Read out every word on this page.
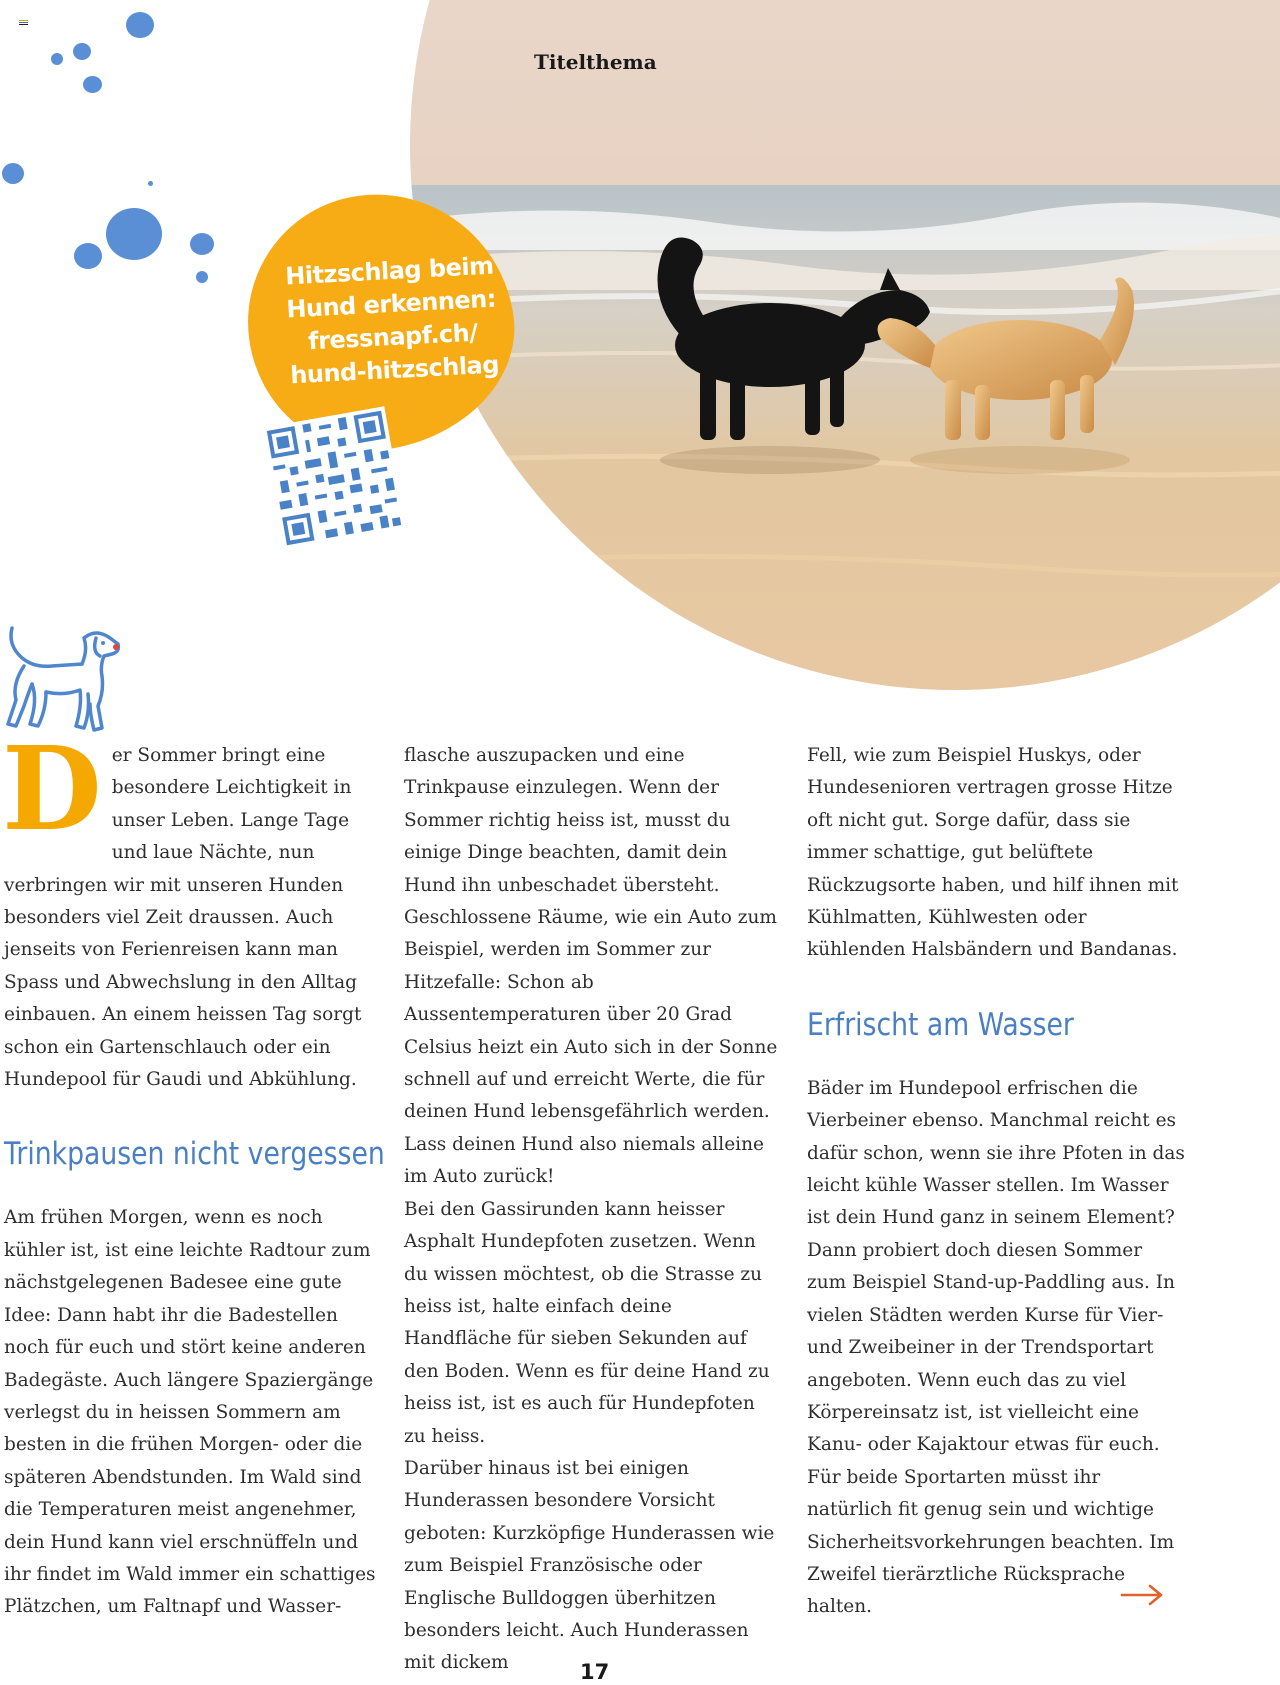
Titelthema
Hitzschlag beim
Hund erkennen:
fressnapf.ch/
hund-hitzschlag

Der Sommer bringt eine besondere Leichtigkeit in unser Leben. Lange Tage und laue Nächte, nun verbringen wir mit unseren Hunden besonders viel Zeit draussen. Auch jenseits von Ferienreisen kann man Spass und Abwechslung in den Alltag einbauen. An einem heissen Tag sorgt schon ein Gartenschlauch oder ein Hundepool für Gaudi und Abkühlung.

Trinkpausen nicht vergessen

Am frühen Morgen, wenn es noch kühler ist, ist eine leichte Radtour zum nächstgelegenen Badesee eine gute Idee: Dann habt ihr die Badestellen noch für euch und stört keine anderen Badegäste. Auch längere Spaziergänge verlegst du in heissen Sommern am besten in die frühen Morgen- oder die späteren Abendstunden. Im Wald sind die Temperaturen meist angenehmer, dein Hund kann viel erschnüffeln und ihr findet im Wald immer ein schattiges Plätzchen, um Faltnapf und Wasser-

flasche auszupacken und eine Trinkpause einzulegen. Wenn der Sommer richtig heiss ist, musst du einige Dinge beachten, damit dein Hund ihn unbeschadet übersteht. Geschlossene Räume, wie ein Auto zum Beispiel, werden im Sommer zur Hitzefalle: Schon ab Aussentemperaturen über 20 Grad Celsius heizt ein Auto sich in der Sonne schnell auf und erreicht Werte, die für deinen Hund lebensgefährlich werden. Lass deinen Hund also niemals alleine im Auto zurück!

Bei den Gassirunden kann heisser Asphalt Hundepfoten zusetzen. Wenn du wissen möchtest, ob die Strasse zu heiss ist, halte einfach deine Handfläche für sieben Sekunden auf den Boden. Wenn es für deine Hand zu heiss ist, ist es auch für Hundepfoten zu heiss.

Darüber hinaus ist bei einigen Hunderassen besondere Vorsicht geboten: Kurzköpfige Hunderassen wie zum Beispiel Französische oder Englische Bulldoggen überhitzen besonders leicht. Auch Hunderassen mit dickem

Fell, wie zum Beispiel Huskys, oder Hundesenioren vertragen grosse Hitze oft nicht gut. Sorge dafür, dass sie immer schattige, gut belüftete Rückzugsorte haben, und hilf ihnen mit Kühlmatten, Kühlwesten oder kühlenden Halsbändern und Bandanas.

Erfrischt am Wasser

Bäder im Hundepool erfrischen die Vierbeiner ebenso. Manchmal reicht es dafür schon, wenn sie ihre Pfoten in das leicht kühle Wasser stellen. Im Wasser ist dein Hund ganz in seinem Element? Dann probiert doch diesen Sommer zum Beispiel Stand-up-Paddling aus. In vielen Städten werden Kurse für Vier- und Zweibeiner in der Trendsportart angeboten. Wenn euch das zu viel Körpereinsatz ist, ist vielleicht eine Kanu- oder Kajaktour etwas für euch. Für beide Sportarten müsst ihr natürlich fit genug sein und wichtige Sicherheitsvorkehrungen beachten. Im Zweifel tierärztliche Rücksprache halten.

17
